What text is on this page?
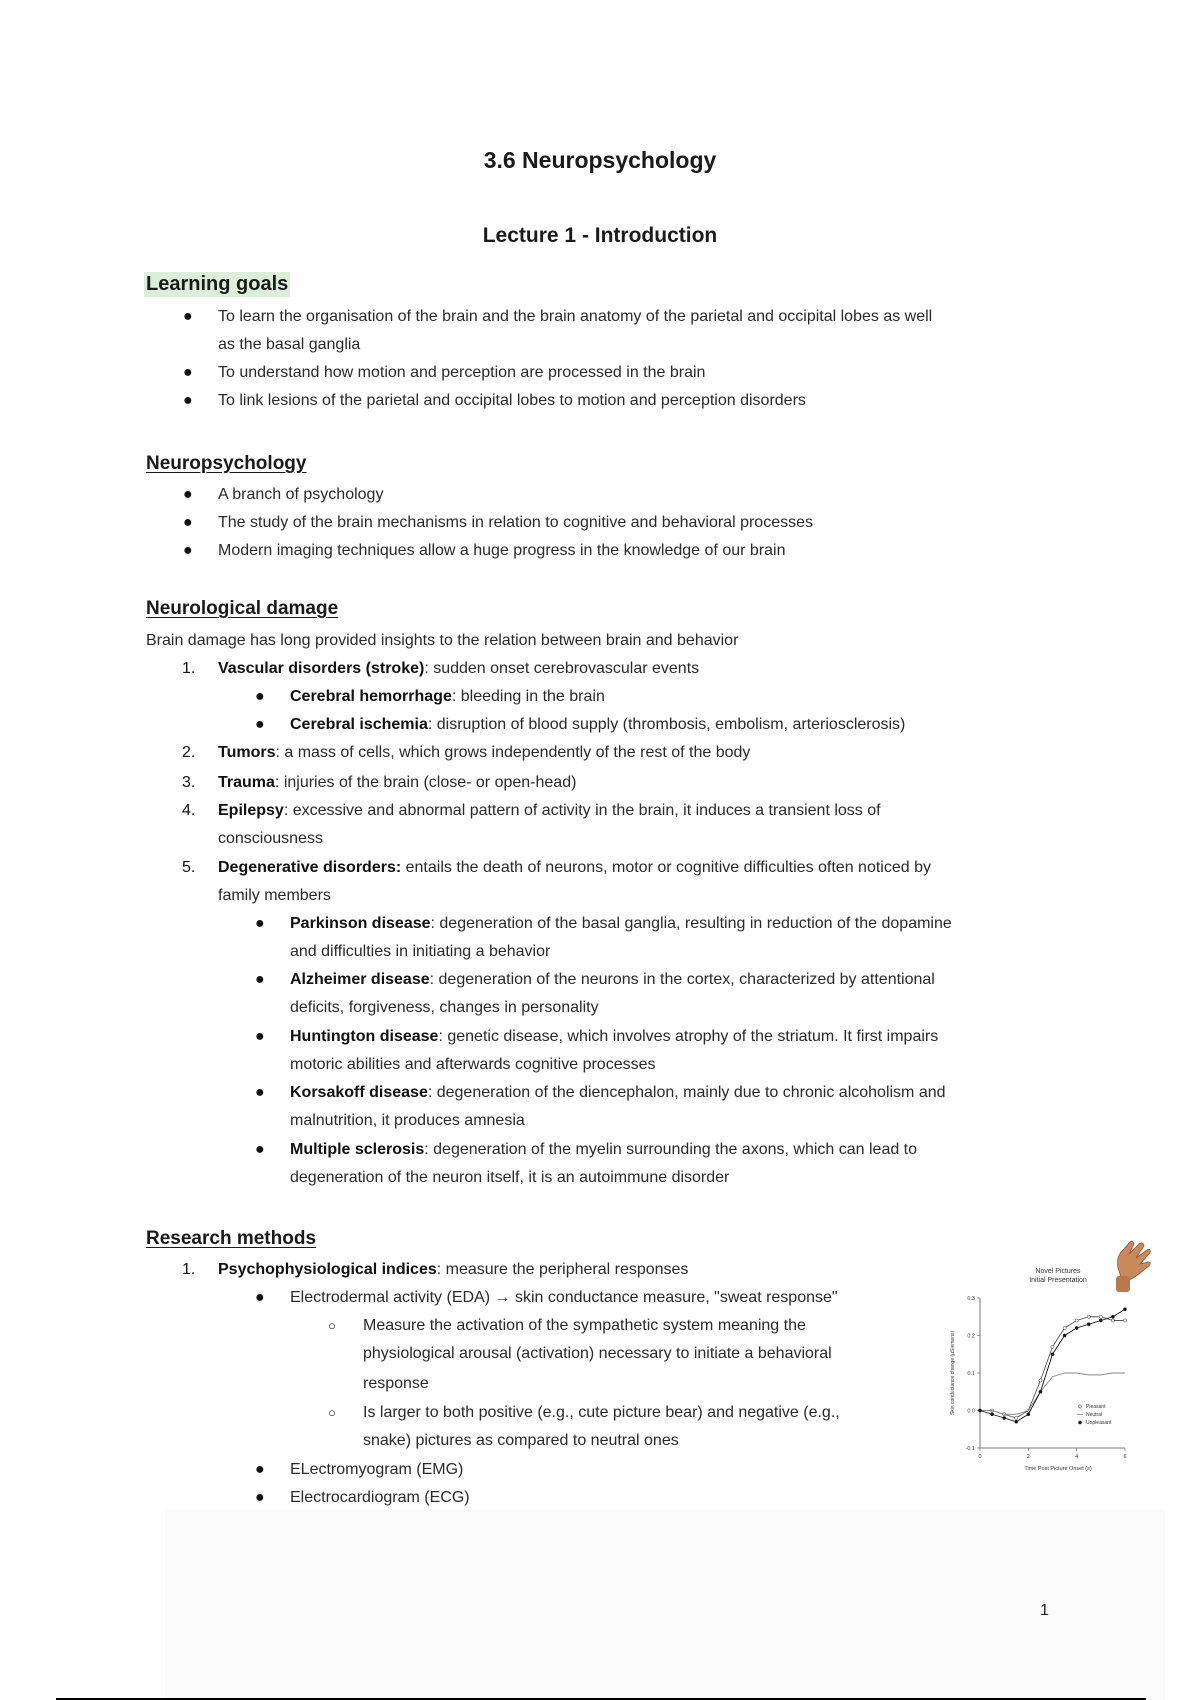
3.6 Neuropsychology
Lecture 1 - Introduction
Learning goals
● To learn the organisation of the brain and the brain anatomy of the parietal and occipital lobes as well
as the basal ganglia
● To understand how motion and perception are processed in the brain
● To link lesions of the parietal and occipital lobes to motion and perception disorders
Neuropsychology
● A branch of psychology
● The study of the brain mechanisms in relation to cognitive and behavioral processes
● Modern imaging techniques allow a huge progress in the knowledge of our brain
Neurological damage
Brain damage has long provided insights to the relation between brain and behavior
1. Vascular disorders (stroke): sudden onset cerebrovascular events
● Cerebral hemorrhage: bleeding in the brain
● Cerebral ischemia: disruption of blood supply (thrombosis, embolism, arteriosclerosis)
2. Tumors: a mass of cells, which grows independently of the rest of the body
3. Trauma: injuries of the brain (close- or open-head)
4. Epilepsy: excessive and abnormal pattern of activity in the brain, it induces a transient loss of
consciousness
5. Degenerative disorders: entails the death of neurons, motor or cognitive difficulties often noticed by
family members
● Parkinson disease: degeneration of the basal ganglia, resulting in reduction of the dopamine
and difficulties in initiating a behavior
● Alzheimer disease: degeneration of the neurons in the cortex, characterized by attentional
deficits, forgiveness, changes in personality
● Huntington disease: genetic disease, which involves atrophy of the striatum. It first impairs
motoric abilities and afterwards cognitive processes
● Korsakoff disease: degeneration of the diencephalon, mainly due to chronic alcoholism and
malnutrition, it produces amnesia
● Multiple sclerosis: degeneration of the myelin surrounding the axons, which can lead to
degeneration of the neuron itself, it is an autoimmune disorder
Research methods
1. Psychophysiological indices: measure the peripheral responses
● Electrodermal activity (EDA) → skin conductance measure, "sweat response"
○ Measure the activation of the sympathetic system meaning the
physiological arousal (activation) necessary to initiate a behavioral
response
○ Is larger to both positive (e.g., cute picture bear) and negative (e.g.,
snake) pictures as compared to neutral ones
● ELectromyogram (EMG)
● Electrocardiogram (ECG)
Novel Pictures
Initial Presentation
0.3
0.2
0.1
0.0
-0.1
0	2	4	6
Skin conductance change (µSiemens)
Time Post Picture Onset (s)
Pleasant
Neutral
Unpleasant
1
